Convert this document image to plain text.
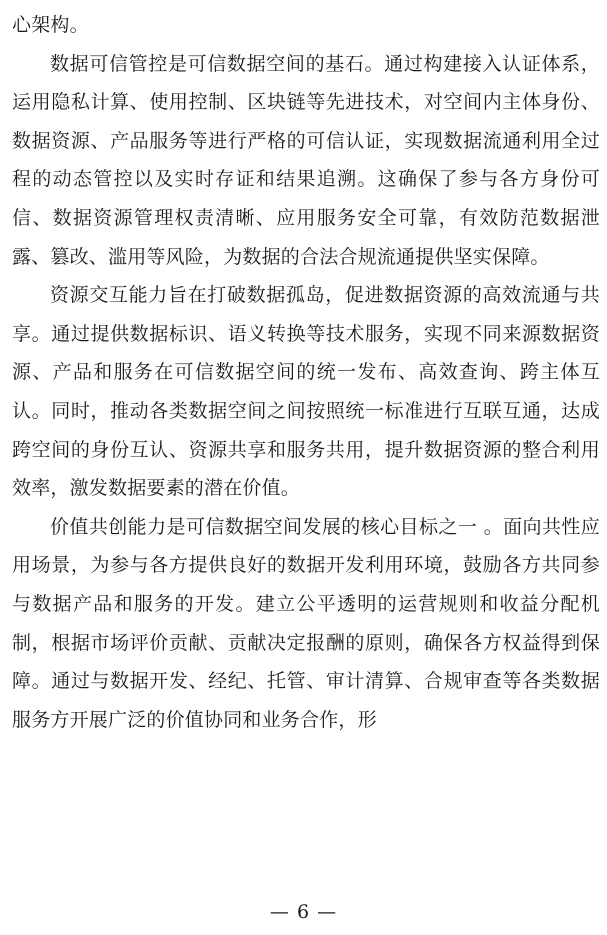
心架构。

数据可信管控是可信数据空间的基石。通过构建接入认证体系，运用隐私计算、使用控制、区块链等先进技术，对空间内主体身份、数据资源、产品服务等进行严格的可信认证，实现数据流通利用全过程的动态管控以及实时存证和结果追溯。这确保了参与各方身份可信、数据资源管理权责清晰、应用服务安全可靠，有效防范数据泄露、篡改、滥用等风险，为数据的合法合规流通提供坚实保障。

资源交互能力旨在打破数据孤岛，促进数据资源的高效流通与共享。通过提供数据标识、语义转换等技术服务，实现不同来源数据资源、产品和服务在可信数据空间的统一发布、高效查询、跨主体互认。同时，推动各类数据空间之间按照统一标准进行互联互通，达成跨空间的身份互认、资源共享和服务共用，提升数据资源的整合利用效率，激发数据要素的潜在价值。

价值共创能力是可信数据空间发展的核心目标之一 。面向共性应用场景，为参与各方提供良好的数据开发利用环境，鼓励各方共同参与数据产品和服务的开发。建立公平透明的运营规则和收益分配机制，根据市场评价贡献、贡献决定报酬的原则，确保各方权益得到保障。通过与数据开发、经纪、托管、审计清算、合规审查等各类数据服务方开展广泛的价值协同和业务合作，形

— 6 —
